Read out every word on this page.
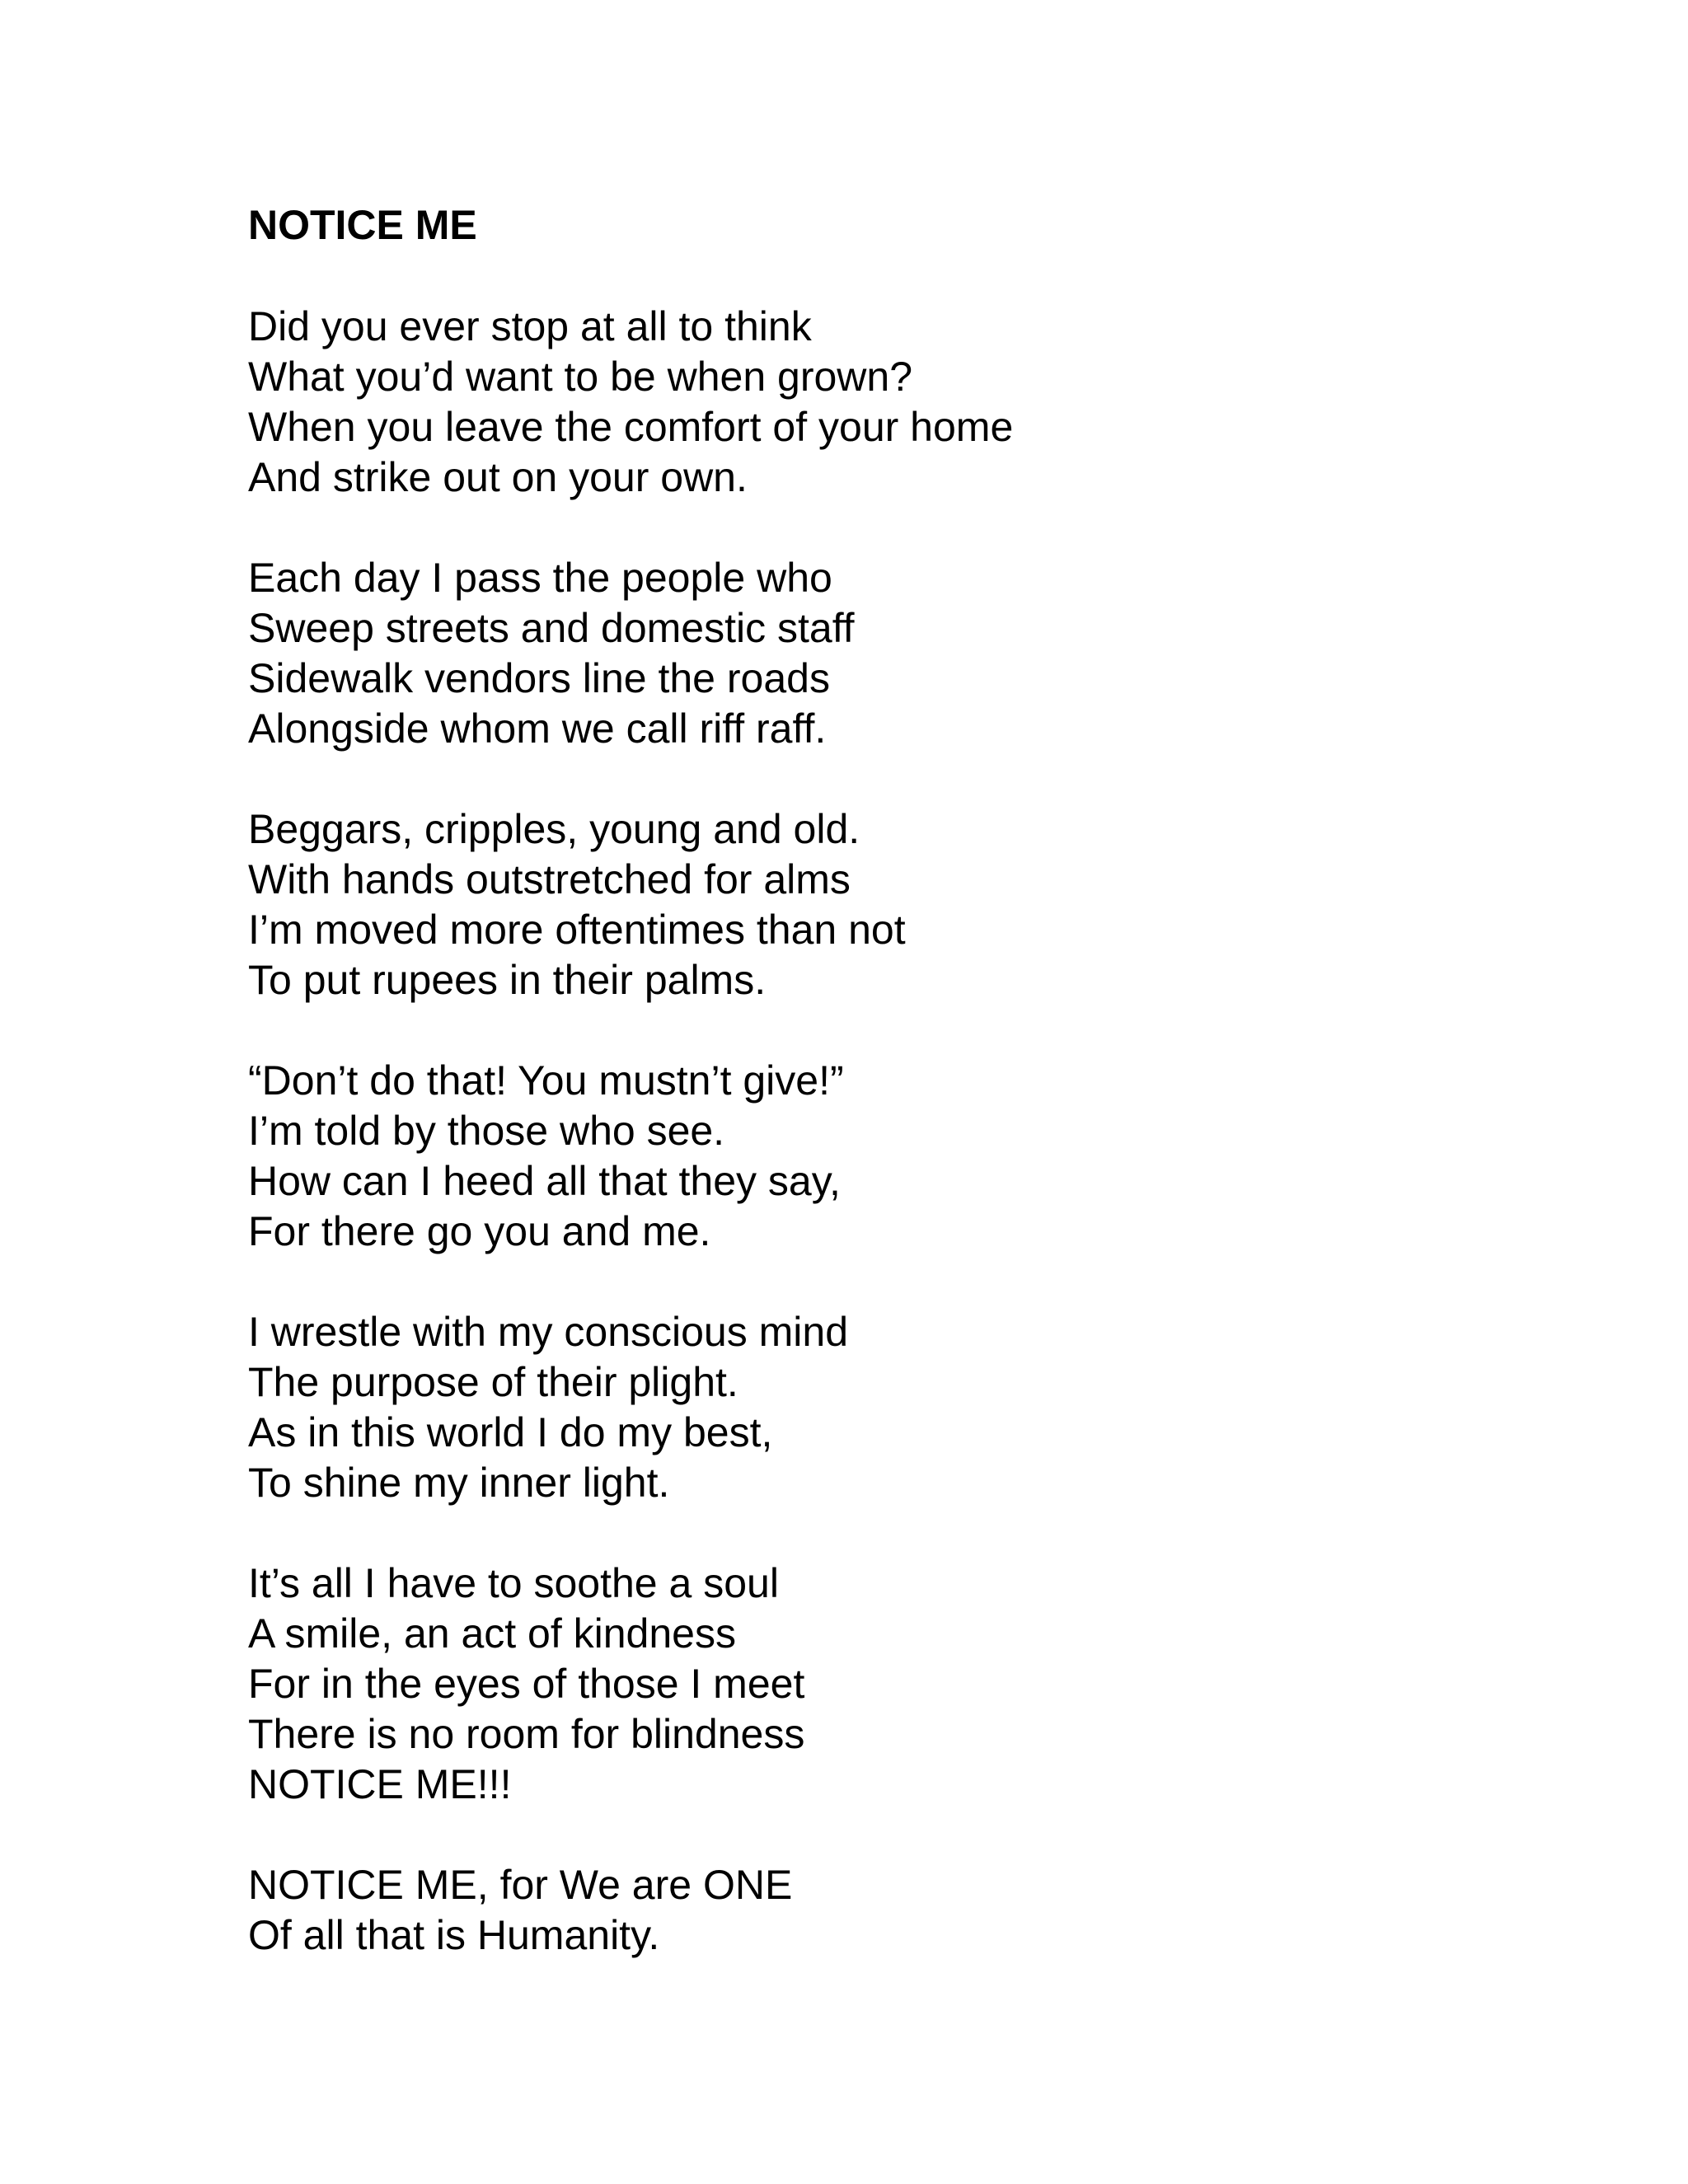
NOTICE ME
Did you ever stop at all to think
What you’d want to be when grown?
When you leave the comfort of your home
And strike out on your own.
Each day I pass the people who
Sweep streets and domestic staff
Sidewalk vendors line the roads
Alongside whom we call riff raff.
Beggars, cripples, young and old.
With hands outstretched for alms
I’m moved more oftentimes than not
To put rupees in their palms.
“Don’t do that! You mustn’t give!”
I’m told by those who see.
How can I heed all that they say,
For there go you and me.
I wrestle with my conscious mind
The purpose of their plight.
As in this world I do my best,
To shine my inner light.
It’s all I have to soothe a soul
A smile, an act of kindness
For in the eyes of those I meet
There is no room for blindness
NOTICE ME!!!
NOTICE ME, for We are ONE
Of all that is Humanity.
